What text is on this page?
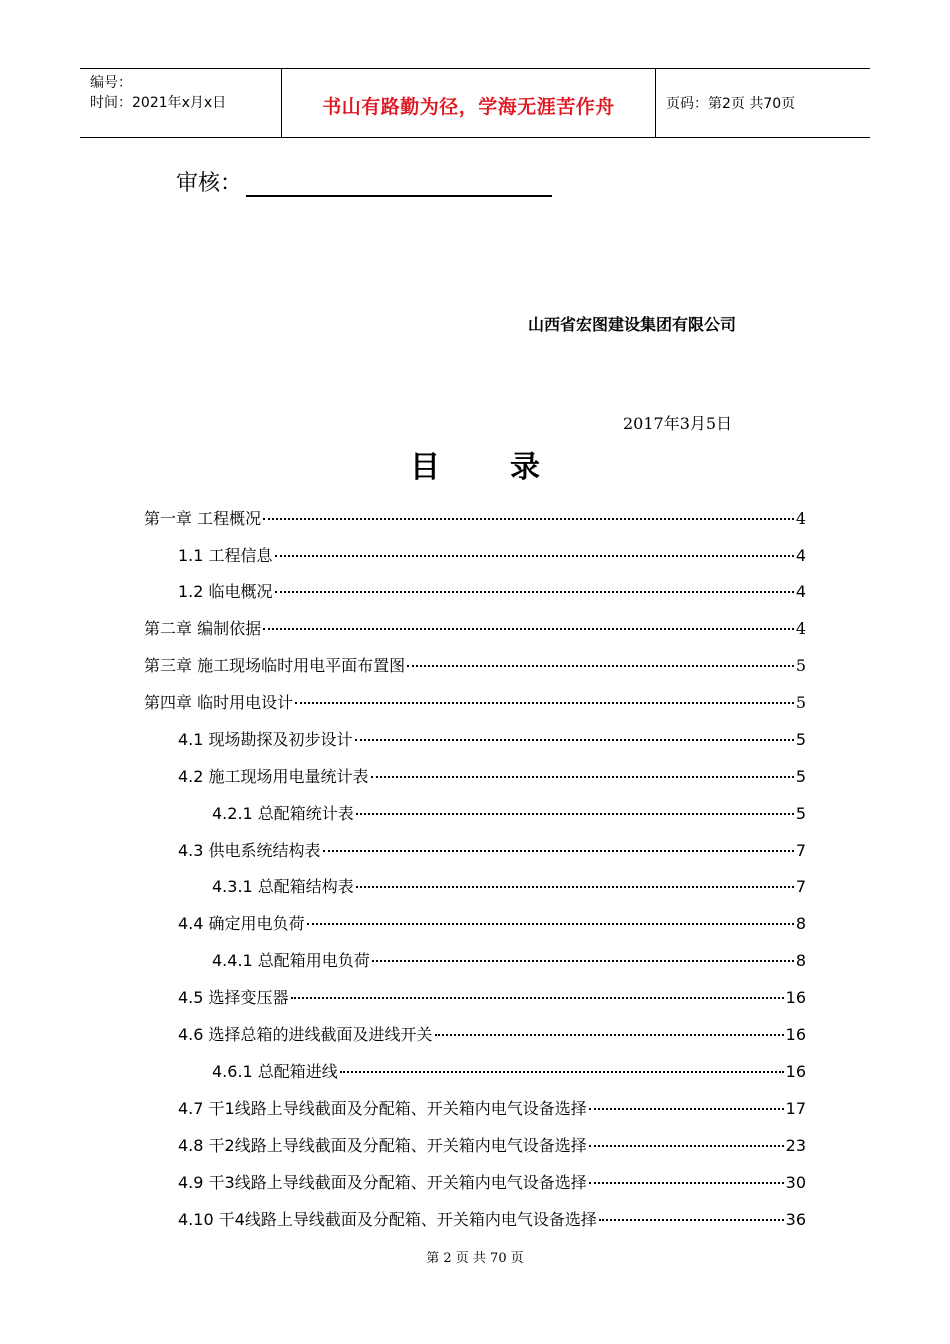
编号：
时间：2021年x月x日	书山有路勤为径，学海无涯苦作舟	页码：第2页 共70页
审核：
山西省宏图建设集团有限公司
2017年3月5日
目 录
第一章 工程概况	4
1.1 工程信息	4
1.2 临电概况	4
第二章 编制依据	4
第三章 施工现场临时用电平面布置图	5
第四章 临时用电设计	5
4.1 现场勘探及初步设计	5
4.2 施工现场用电量统计表	5
4.2.1 总配箱统计表	5
4.3 供电系统结构表	7
4.3.1 总配箱结构表	7
4.4 确定用电负荷	8
4.4.1 总配箱用电负荷	8
4.5 选择变压器	16
4.6 选择总箱的进线截面及进线开关	16
4.6.1 总配箱进线	16
4.7 干1线路上导线截面及分配箱、开关箱内电气设备选择	17
4.8 干2线路上导线截面及分配箱、开关箱内电气设备选择	23
4.9 干3线路上导线截面及分配箱、开关箱内电气设备选择	30
4.10 干4线路上导线截面及分配箱、开关箱内电气设备选择	36
第 2 页 共 70 页
